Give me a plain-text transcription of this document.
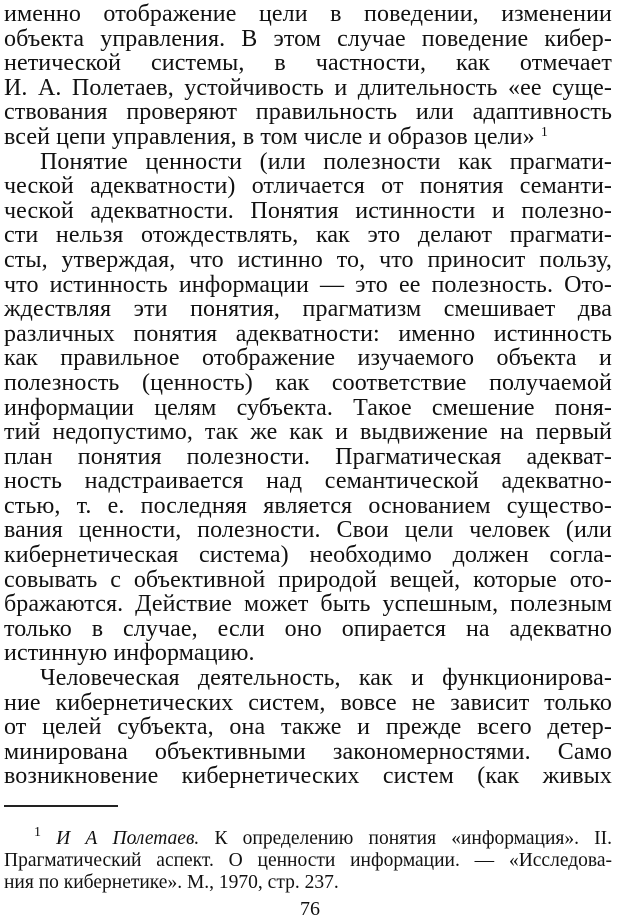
именно отображение цели в поведении, изменении
объекта управления. В этом случае поведение кибер-
нетической системы, в частности, как отмечает
И. А. Полетаев, устойчивость и длительность «ее суще-
ствования проверяют правильность или адаптивность
всей цепи управления, в том числе и образов цели» $^1$
Понятие ценности (или полезности как прагмати-
ческой адекватности) отличается от понятия семанти-
ческой адекватности. Понятия истинности и полезно-
сти нельзя отождествлять, как это делают прагмати-
сты, утверждая, что истинно то, что приносит пользу,
что истинность информации — это ее полезность. Ото-
ждествляя эти понятия, прагматизм смешивает два
различных понятия адекватности: именно истинность
как правильное отображение изучаемого объекта и
полезность (ценность) как соответствие получаемой
информации целям субъекта. Такое смешение поня-
тий недопустимо, так же как и выдвижение на первый
план понятия полезности. Прагматическая адекват-
ность надстраивается над семантической адекватно-
стью, т. е. последняя является основанием существо-
вания ценности, полезности. Свои цели человек (или
кибернетическая система) необходимо должен согла-
совывать с объективной природой вещей, которые ото-
бражаются. Действие может быть успешным, полезным
только в случае, если оно опирается на адекватно
истинную информацию.
Человеческая деятельность, как и функционирова-
ние кибернетических систем, вовсе не зависит только
от целей субъекта, она также и прежде всего детер-
минирована объективными закономерностями. Само
возникновение кибернетических систем (как живых
$^1$ И А Полетаев. К определению понятия «информация». II.
Прагматический аспект. О ценности информации. — «Исследова-
ния по кибернетике». М., 1970, стр. 237.
76
